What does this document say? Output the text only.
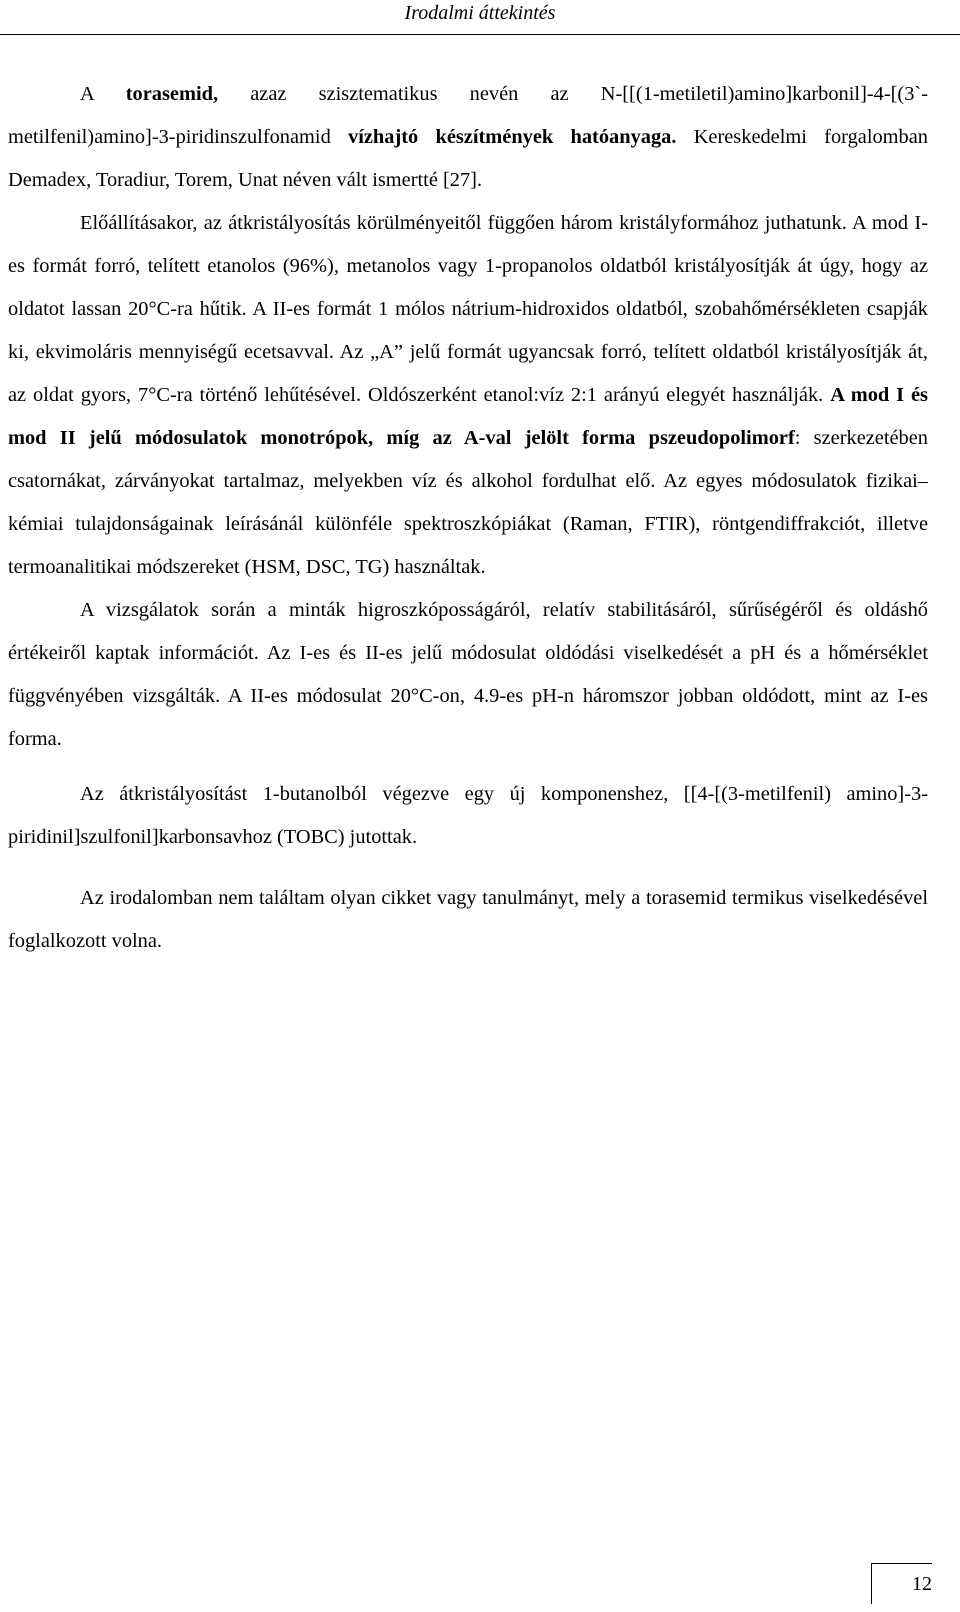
Irodalmi áttekintés

A torasemid, azaz szisztematikus nevén az N-[[(1-metiletil)amino]karbonil]-4-[(3`-metilfenil)amino]-3-piridinszulfonamid vízhajtó készítmények hatóanyaga. Kereskedelmi forgalomban Demadex, Toradiur, Torem, Unat néven vált ismertté [27].

Előállításakor, az átkristályosítás körülményeitől függően három kristályformához juthatunk. A mod I-es formát forró, telített etanolos (96%), metanolos vagy 1-propanolos oldatból kristályosítják át úgy, hogy az oldatot lassan 20°C-ra hűtik. A II-es formát 1 mólos nátrium-hidroxidos oldatból, szobahőmérsékleten csapják ki, ekvimoláris mennyiségű ecetsavval. Az „A” jelű formát ugyancsak forró, telített oldatból kristályosítják át, az oldat gyors, 7°C-ra történő lehűtésével. Oldószerként etanol:víz 2:1 arányú elegyét használják. A mod I és mod II jelű módosulatok monotrópok, míg az A-val jelölt forma pszeudopolimorf: szerkezetében csatornákat, zárványokat tartalmaz, melyekben víz és alkohol fordulhat elő. Az egyes módosulatok fizikai–kémiai tulajdonságainak leírásánál különféle spektroszkópiákat (Raman, FTIR), röntgendiffrakciót, illetve termoanalitikai módszereket (HSM, DSC, TG) használtak.

A vizsgálatok során a minták higroszkóposságáról, relatív stabilitásáról, sűrűségéről és oldáshő értékeiről kaptak információt. Az I-es és II-es jelű módosulat oldódási viselkedését a pH és a hőmérséklet függvényében vizsgálták. A II-es módosulat 20°C-on, 4.9-es pH-n háromszor jobban oldódott, mint az I-es forma.

Az átkristályosítást 1-butanolból végezve egy új komponenshez, [[4-[(3-metilfenil) amino]-3-piridinil]szulfonil]karbonsavhoz (TOBC) jutottak.

Az irodalomban nem találtam olyan cikket vagy tanulmányt, mely a torasemid termikus viselkedésével foglalkozott volna.

12
